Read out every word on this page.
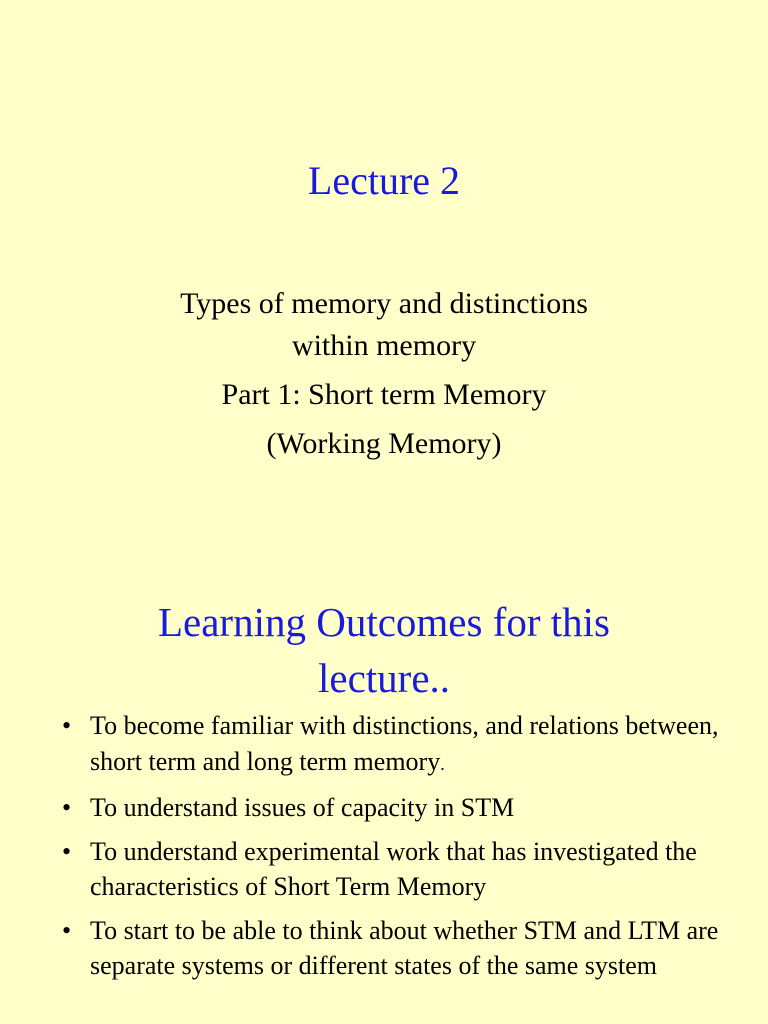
Lecture 2
Types of memory and distinctions
within memory
Part 1: Short term Memory
(Working Memory)
Learning Outcomes for this
lecture..
• To become familiar with distinctions, and relations between, short term and long term memory.
• To understand issues of capacity in STM
• To understand experimental work that has investigated the characteristics of Short Term Memory
• To start to be able to think about whether STM and LTM are separate systems or different states of the same system
